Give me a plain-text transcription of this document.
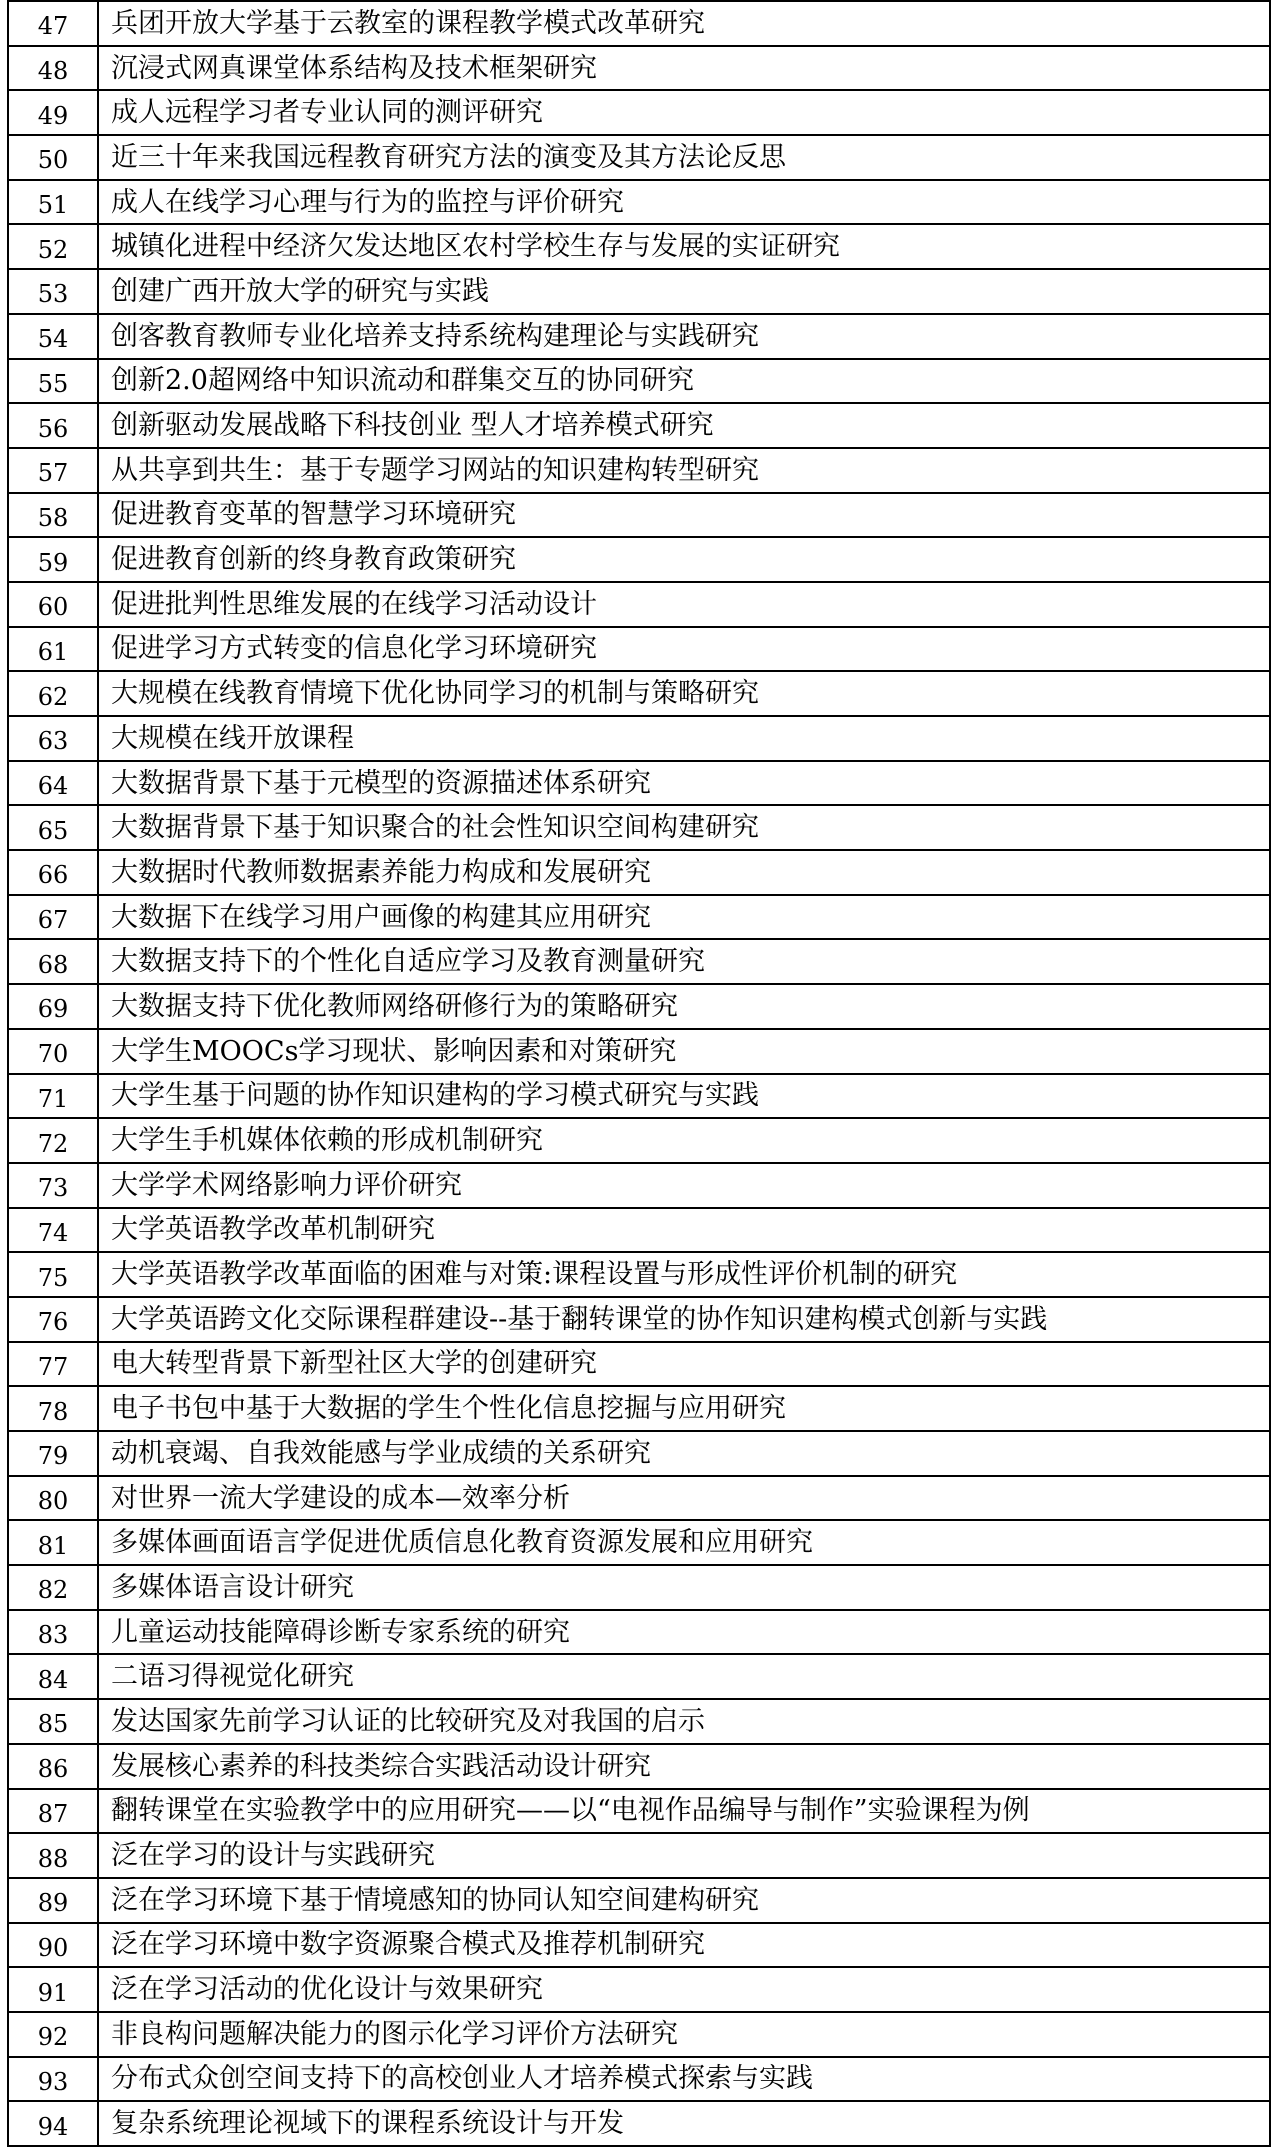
47	兵团开放大学基于云教室的课程教学模式改革研究
48	沉浸式网真课堂体系结构及技术框架研究
49	成人远程学习者专业认同的测评研究
50	近三十年来我国远程教育研究方法的演变及其方法论反思
51	成人在线学习心理与行为的监控与评价研究
52	城镇化进程中经济欠发达地区农村学校生存与发展的实证研究
53	创建广西开放大学的研究与实践
54	创客教育教师专业化培养支持系统构建理论与实践研究
55	创新2.0超网络中知识流动和群集交互的协同研究
56	创新驱动发展战略下科技创业 型人才培养模式研究
57	从共享到共生：基于专题学习网站的知识建构转型研究
58	促进教育变革的智慧学习环境研究
59	促进教育创新的终身教育政策研究
60	促进批判性思维发展的在线学习活动设计
61	促进学习方式转变的信息化学习环境研究
62	大规模在线教育情境下优化协同学习的机制与策略研究
63	大规模在线开放课程
64	大数据背景下基于元模型的资源描述体系研究
65	大数据背景下基于知识聚合的社会性知识空间构建研究
66	大数据时代教师数据素养能力构成和发展研究
67	大数据下在线学习用户画像的构建其应用研究
68	大数据支持下的个性化自适应学习及教育测量研究
69	大数据支持下优化教师网络研修行为的策略研究
70	大学生MOOCs学习现状、影响因素和对策研究
71	大学生基于问题的协作知识建构的学习模式研究与实践
72	大学生手机媒体依赖的形成机制研究
73	大学学术网络影响力评价研究
74	大学英语教学改革机制研究
75	大学英语教学改革面临的困难与对策:课程设置与形成性评价机制的研究
76	大学英语跨文化交际课程群建设--基于翻转课堂的协作知识建构模式创新与实践
77	电大转型背景下新型社区大学的创建研究
78	电子书包中基于大数据的学生个性化信息挖掘与应用研究
79	动机衰竭、自我效能感与学业成绩的关系研究
80	对世界一流大学建设的成本—效率分析
81	多媒体画面语言学促进优质信息化教育资源发展和应用研究
82	多媒体语言设计研究
83	儿童运动技能障碍诊断专家系统的研究
84	二语习得视觉化研究
85	发达国家先前学习认证的比较研究及对我国的启示
86	发展核心素养的科技类综合实践活动设计研究
87	翻转课堂在实验教学中的应用研究——以“电视作品编导与制作”实验课程为例
88	泛在学习的设计与实践研究
89	泛在学习环境下基于情境感知的协同认知空间建构研究
90	泛在学习环境中数字资源聚合模式及推荐机制研究
91	泛在学习活动的优化设计与效果研究
92	非良构问题解决能力的图示化学习评价方法研究
93	分布式众创空间支持下的高校创业人才培养模式探索与实践
94	复杂系统理论视域下的课程系统设计与开发
